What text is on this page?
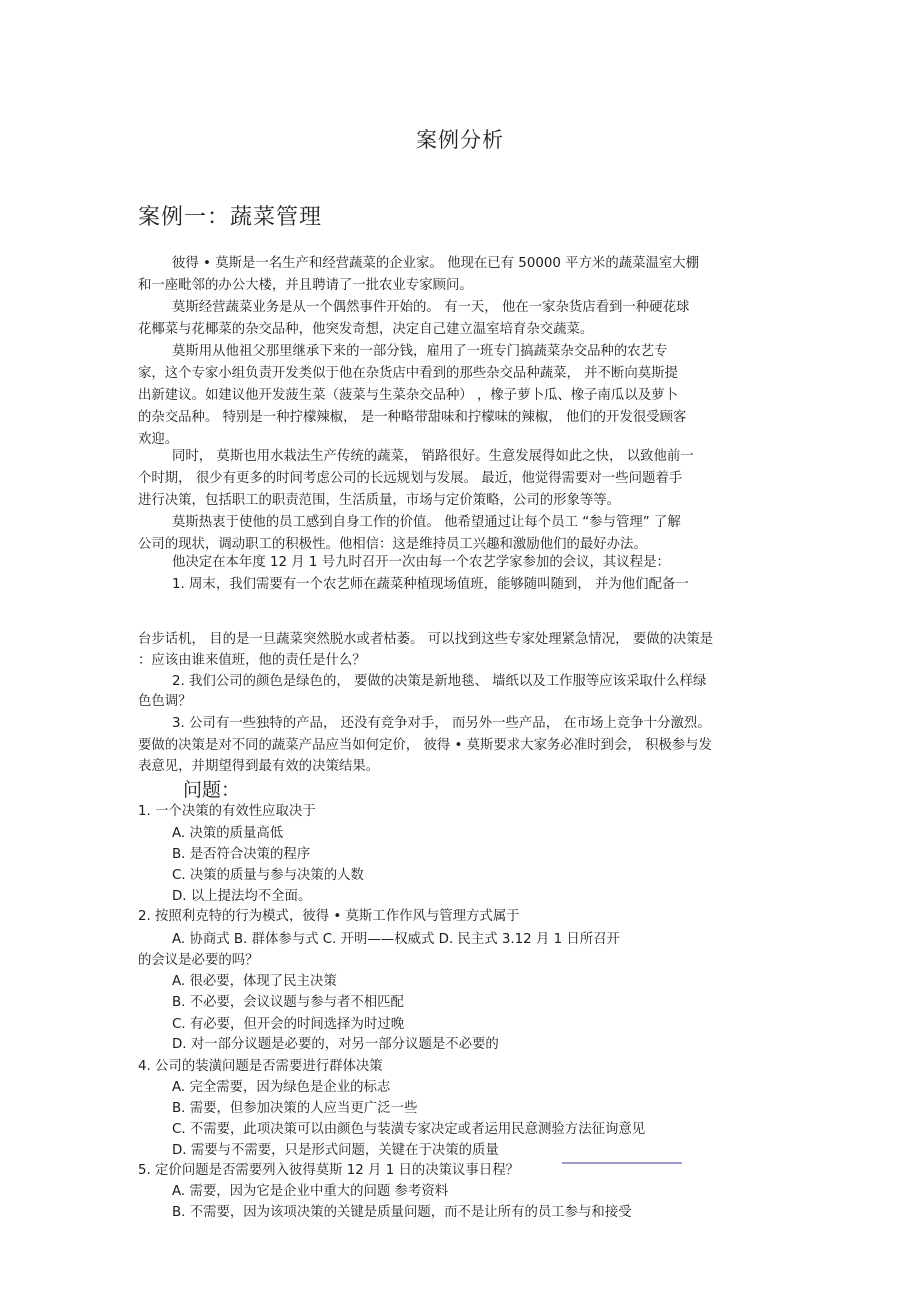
案例分析
案例一：蔬菜管理
彼得 • 莫斯是一名生产和经营蔬菜的企业家。 他现在已有 50000 平方米的蔬菜温室大棚
和一座毗邻的办公大楼，并且聘请了一批农业专家顾问。
莫斯经营蔬菜业务是从一个偶然事件开始的。 有一天， 他在一家杂货店看到一种硬花球
花椰菜与花椰菜的杂交品种，他突发奇想，决定自己建立温室培育杂交蔬菜。
莫斯用从他祖父那里继承下来的一部分钱，雇用了一班专门搞蔬菜杂交品种的农艺专
家，这个专家小组负责开发类似于他在杂货店中看到的那些杂交品种蔬菜， 并不断向莫斯提
出新建议。如建议他开发菠生菜（菠菜与生菜杂交品种） ，橡子萝卜瓜、橡子南瓜以及萝卜
的杂交品种。 特别是一种拧檬辣椒， 是一种略带甜味和拧檬味的辣椒， 他们的开发很受顾客
欢迎。
同时， 莫斯也用水栽法生产传统的蔬菜， 销路很好。生意发展得如此之快， 以致他前一
个时期， 很少有更多的时间考虑公司的长远规划与发展。 最近，他觉得需要对一些问题着手
进行决策，包括职工的职责范围，生活质量，市场与定价策略，公司的形象等等。
莫斯热衷于使他的员工感到自身工作的价值。 他希望通过让每个员工 “参与管理” 了解
公司的现状，调动职工的积极性。他相信：这是维持员工兴趣和激励他们的最好办法。
他决定在本年度 12 月 1 号九时召开一次由每一个农艺学家参加的会议，其议程是：
1. 周末，我们需要有一个农艺师在蔬菜种植现场值班，能够随叫随到， 并为他们配备一
台步话机， 目的是一旦蔬菜突然脱水或者枯萎。 可以找到这些专家处理紧急情况， 要做的决策是
：应该由谁来值班，他的责任是什么？
2. 我们公司的颜色是绿色的， 要做的决策是新地毯、 墙纸以及工作服等应该采取什么样绿
色色调？
3. 公司有一些独特的产品， 还没有竞争对手， 而另外一些产品， 在市场上竞争十分激烈。
要做的决策是对不同的蔬菜产品应当如何定价， 彼得 • 莫斯要求大家务必准时到会， 积极参与发
表意见，并期望得到最有效的决策结果。
问题：
1. 一个决策的有效性应取决于
A. 决策的质量高低
B. 是否符合决策的程序
C. 决策的质量与参与决策的人数
D. 以上提法均不全面。
2. 按照利克特的行为模式，彼得 • 莫斯工作作风与管理方式属于
A. 协商式 B. 群体参与式 C. 开明——权威式 D. 民主式 3.12 月 1 日所召开
的会议是必要的吗？
A. 很必要，体现了民主决策
B. 不必要，会议议题与参与者不相匹配
C. 有必要，但开会的时间选择为时过晚
D. 对一部分议题是必要的，对另一部分议题是不必要的
4. 公司的装潢问题是否需要进行群体决策
A. 完全需要，因为绿色是企业的标志
B. 需要，但参加决策的人应当更广泛一些
C. 不需要，此项决策可以由颜色与装潢专家决定或者运用民意测验方法征询意见
D. 需要与不需要，只是形式问题，关键在于决策的质量
5. 定价问题是否需要列入彼得莫斯 12 月 1 日的决策议事日程？
A. 需要，因为它是企业中重大的问题 参考资料
B. 不需要，因为该项决策的关键是质量问题，而不是让所有的员工参与和接受
